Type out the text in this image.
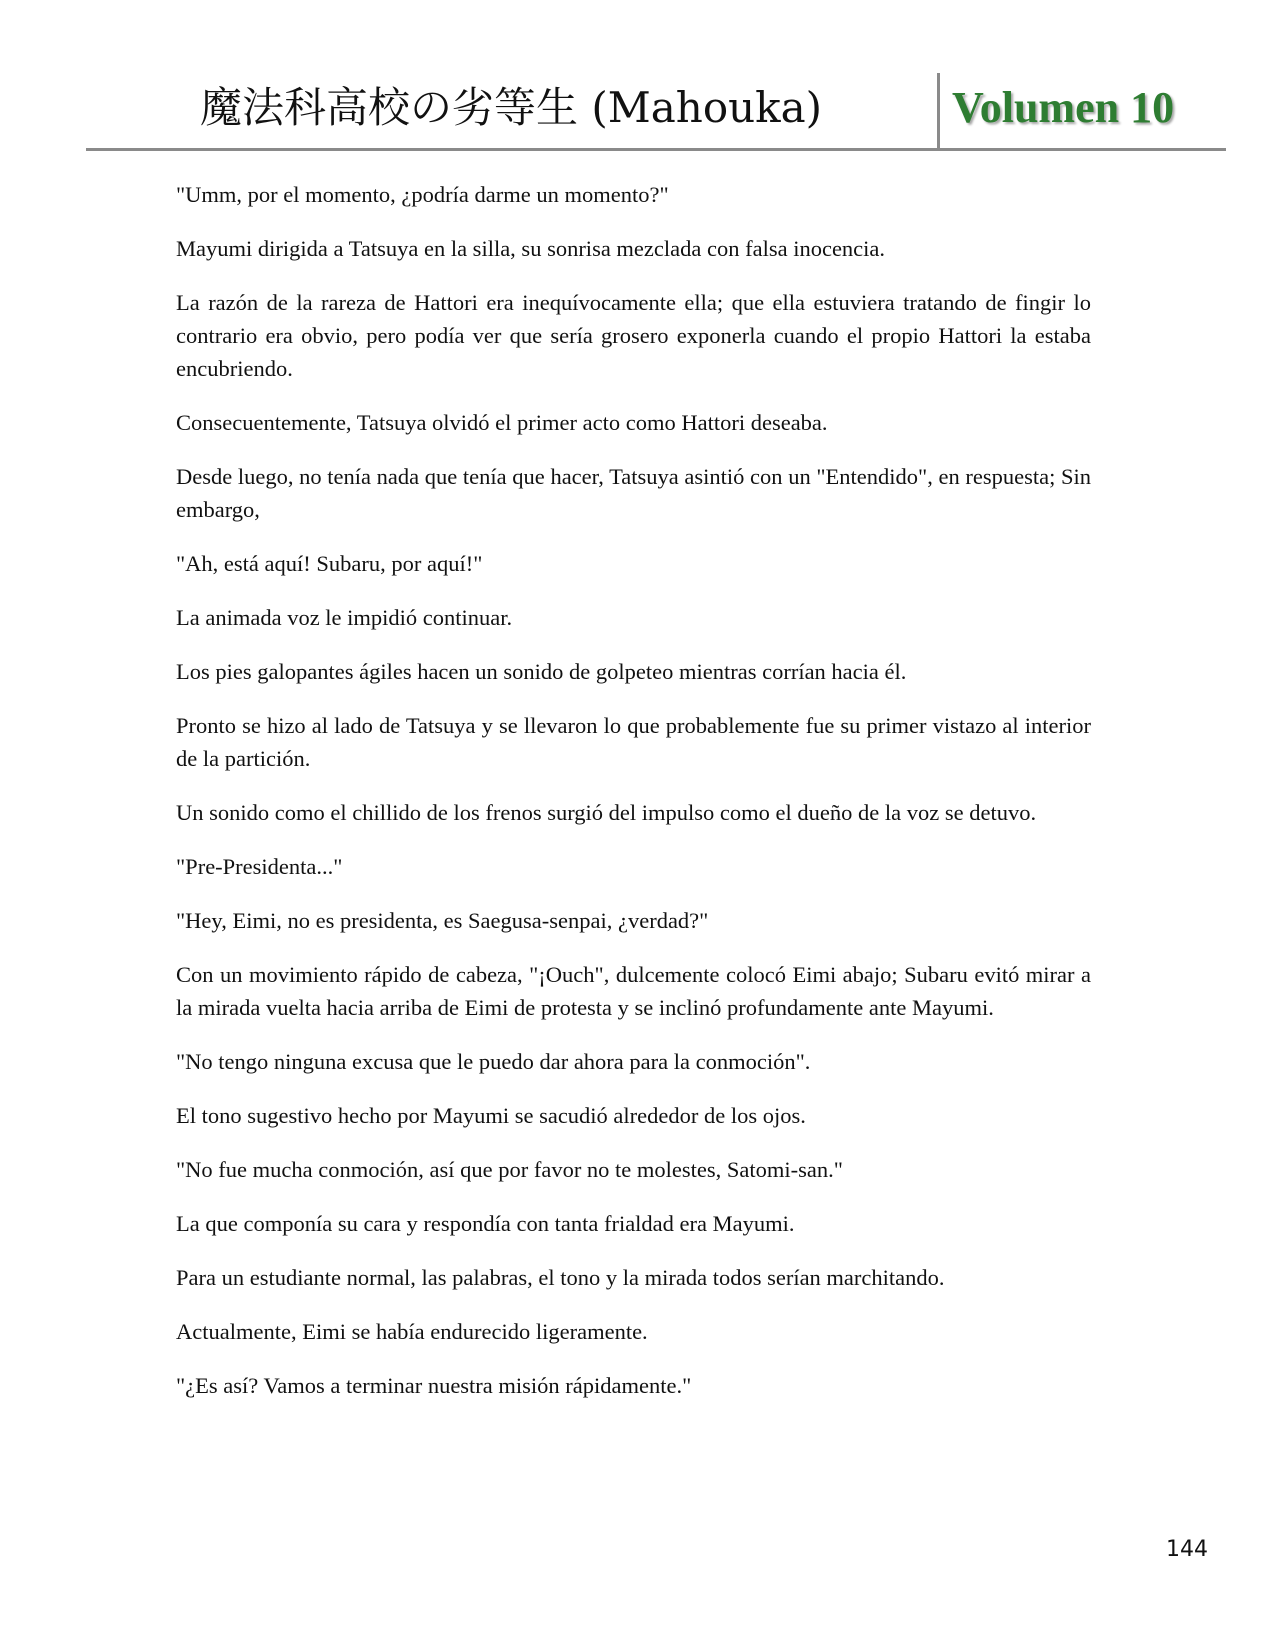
魔法科高校の劣等生 (Mahouka)	Volumen 10

"Umm, por el momento, ¿podría darme un momento?"

Mayumi dirigida a Tatsuya en la silla, su sonrisa mezclada con falsa inocencia.

La razón de la rareza de Hattori era inequívocamente ella; que ella estuviera tratando de fingir lo contrario era obvio, pero podía ver que sería grosero exponerla cuando el propio Hattori la estaba encubriendo.

Consecuentemente, Tatsuya olvidó el primer acto como Hattori deseaba.

Desde luego, no tenía nada que tenía que hacer, Tatsuya asintió con un "Entendido", en respuesta; Sin embargo,

"Ah, está aquí! Subaru, por aquí!"

La animada voz le impidió continuar.

Los pies galopantes ágiles hacen un sonido de golpeteo mientras corrían hacia él.

Pronto se hizo al lado de Tatsuya y se llevaron lo que probablemente fue su primer vistazo al interior de la partición.

Un sonido como el chillido de los frenos surgió del impulso como el dueño de la voz se detuvo.

"Pre-Presidenta..."

"Hey, Eimi, no es presidenta, es Saegusa-senpai, ¿verdad?"

Con un movimiento rápido de cabeza, "¡Ouch", dulcemente colocó Eimi abajo; Subaru evitó mirar a la mirada vuelta hacia arriba de Eimi de protesta y se inclinó profundamente ante Mayumi.

"No tengo ninguna excusa que le puedo dar ahora para la conmoción".

El tono sugestivo hecho por Mayumi se sacudió alrededor de los ojos.

"No fue mucha conmoción, así que por favor no te molestes, Satomi-san."

La que componía su cara y respondía con tanta frialdad era Mayumi.

Para un estudiante normal, las palabras, el tono y la mirada todos serían marchitando.

Actualmente, Eimi se había endurecido ligeramente.

"¿Es así? Vamos a terminar nuestra misión rápidamente."

144
